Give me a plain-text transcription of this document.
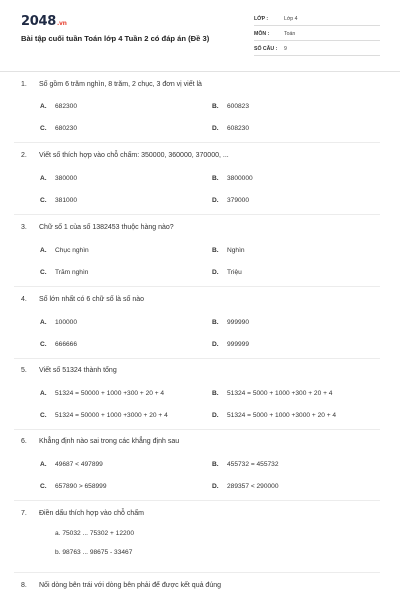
2048.vn
Bài tập cuối tuần Toán lớp 4 Tuần 2 có đáp án (Đề 3)
LỚP :	Lớp 4
MÔN :	Toán
SỐ CÂU : 9
1. Số gồm 6 trăm nghìn, 8 trăm, 2 chục, 3 đơn vị viết là
A. 682300	B. 600823
C. 680230	D. 608230
2. Viết số thích hợp vào chỗ chấm: 350000, 360000, 370000, ...
A. 380000	B. 3800000
C. 381000	D. 379000
3. Chữ số 1 của số 1382453 thuộc hàng nào?
A. Chục nghìn	B. Nghìn
C. Trăm nghìn	D. Triệu
4. Số lớn nhất có 6 chữ số là số nào
A. 100000	B. 999990
C. 666666	D. 999999
5. Viết số 51324 thành tổng
A. 51324 = 50000 + 1000 +300 + 20 + 4	B. 51324 = 5000 + 1000 +300 + 20 + 4
C. 51324 = 50000 + 1000 +3000 + 20 + 4	D. 51324 = 5000 + 1000 +3000 + 20 + 4
6. Khẳng định nào sai trong các khẳng định sau
A. 49687 < 497899	B. 455732 = 455732
C. 657890 > 658999	D. 289357 < 290000
7. Điền dấu thích hợp vào chỗ chấm
a. 75032 ... 75302 + 12200
b. 98763 ... 98675 - 33467
8. Nối dòng bên trái với dòng bên phải để được kết quả đúng
